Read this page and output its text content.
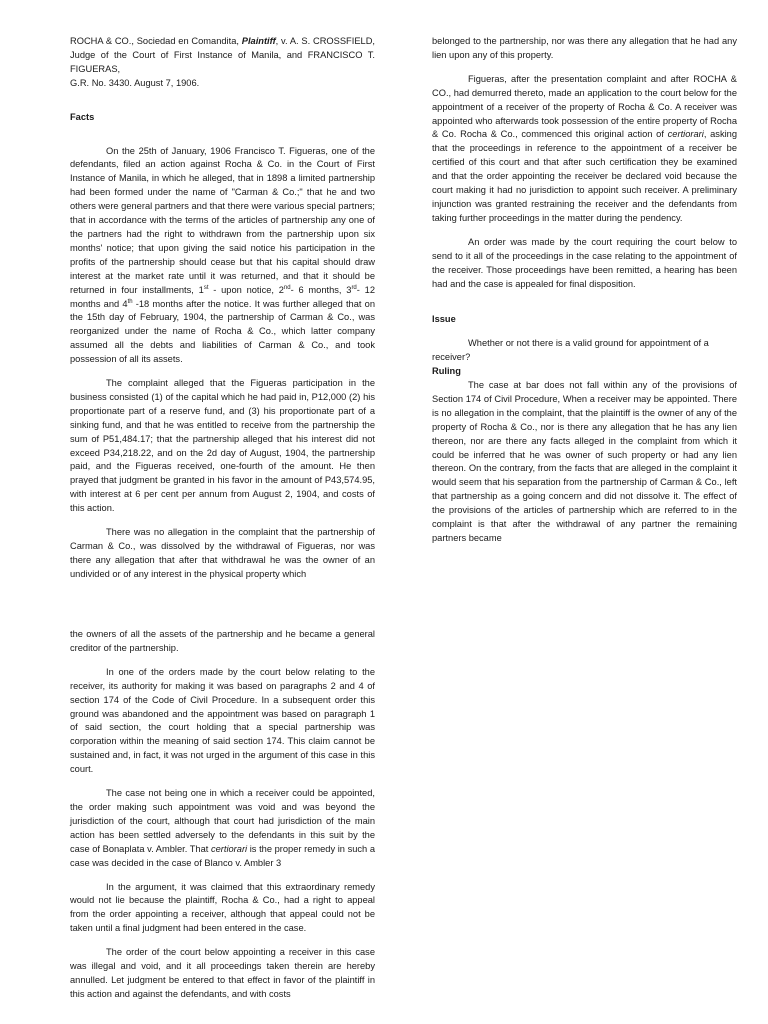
ROCHA & CO., Sociedad en Comandita, Plaintiff, v. A. S. CROSSFIELD, Judge of the Court of First Instance of Manila, and FRANCISCO T. FIGUERAS,

G.R. No. 3430. August 7, 1906.

Facts

On the 25th of January, 1906 Francisco T. Figueras, one of the defendants, filed an action against Rocha & Co. in the Court of First Instance of Manila, in which he alleged, that in 1898 a limited partnership had been formed under the name of "Carman & Co.;" that he and two others were general partners and that there were various special partners; that in accordance with the terms of the articles of partnership any one of the partners had the right to withdrawn from the partnership upon six months' notice; that upon giving the said notice his participation in the profits of the partnership should cease but that his capital should draw interest at the market rate until it was returned, and that it should be returned in four installments, 1st - upon notice, 2nd- 6 months, 3rd- 12 months and 4th -18 months after the notice. It was further alleged that on the 15th day of February, 1904, the partnership of Carman & Co., was reorganized under the name of Rocha & Co., which latter company assumed all the debts and liabilities of Carman & Co., and took possession of all its assets.

The complaint alleged that the Figueras participation in the business consisted (1) of the capital which he had paid in, P12,000 (2) his proportionate part of a reserve fund, and (3) his proportionate part of a sinking fund, and that he was entitled to receive from the partnership the sum of P51,484.17; that the partnership alleged that his interest did not exceed P34,218.22, and on the 2d day of August, 1904, the partnership paid, and the Figueras received, one-fourth of the amount. He then prayed that judgment be granted in his favor in the amount of P43,574.95, with interest at 6 per cent per annum from August 2, 1904, and costs of this action.

There was no allegation in the complaint that the partnership of Carman & Co., was dissolved by the withdrawal of Figueras, nor was there any allegation that after that withdrawal he was the owner of an undivided or of any interest in the physical property which

belonged to the partnership, nor was there any allegation that he had any lien upon any of this property.

Figueras, after the presentation complaint and after ROCHA & CO., had demurred thereto, made an application to the court below for the appointment of a receiver of the property of Rocha & Co. A receiver was appointed who afterwards took possession of the entire property of Rocha & Co. Rocha & Co., commenced this original action of certiorari, asking that the proceedings in reference to the appointment of a receiver be certified of this court and that after such certification they be examined and that the order appointing the receiver be declared void because the court making it had no jurisdiction to appoint such receiver. A preliminary injunction was granted restraining the receiver and the defendants from taking further proceedings in the matter during the pendency.

An order was made by the court requiring the court below to send to it all of the proceedings in the case relating to the appointment of the receiver. Those proceedings have been remitted, a hearing has been had and the case is appealed for final disposition.

Issue

Whether or not there is a valid ground for appointment of a receiver?

Ruling

The case at bar does not fall within any of the provisions of Section 174 of Civil Procedure, When a receiver may be appointed. There is no allegation in the complaint, that the plaintiff is the owner of any of the property of Rocha & Co., nor is there any allegation that he has any lien thereon, nor are there any facts alleged in the complaint from which it could be inferred that he was owner of such property or had any lien thereon. On the contrary, from the facts that are alleged in the complaint it would seem that his separation from the partnership of Carman & Co., left that partnership as a going concern and did not dissolve it. The effect of the provisions of the articles of partnership which are referred to in the complaint is that after the withdrawal of any partner the remaining partners became

the owners of all the assets of the partnership and he became a general creditor of the partnership.

In one of the orders made by the court below relating to the receiver, its authority for making it was based on paragraphs 2 and 4 of section 174 of the Code of Civil Procedure. In a subsequent order this ground was abandoned and the appointment was based on paragraph 1 of said section, the court holding that a special partnership was corporation within the meaning of said section 174. This claim cannot be sustained and, in fact, it was not urged in the argument of this case in this court.

The case not being one in which a receiver could be appointed, the order making such appointment was void and was beyond the jurisdiction of the court, although that court had jurisdiction of the main action has been settled adversely to the defendants in this suit by the case of Bonaplata v. Ambler. That certiorari is the proper remedy in such a case was decided in the case of Blanco v. Ambler 3

In the argument, it was claimed that this extraordinary remedy would not lie because the plaintiff, Rocha & Co., had a right to appeal from the order appointing a receiver, although that appeal could not be taken until a final judgment had been entered in the case.

The order of the court below appointing a receiver in this case was illegal and void, and it all proceedings taken therein are hereby annulled. Let judgment be entered to that effect in favor of the plaintiff in this action and against the defendants, and with costs
